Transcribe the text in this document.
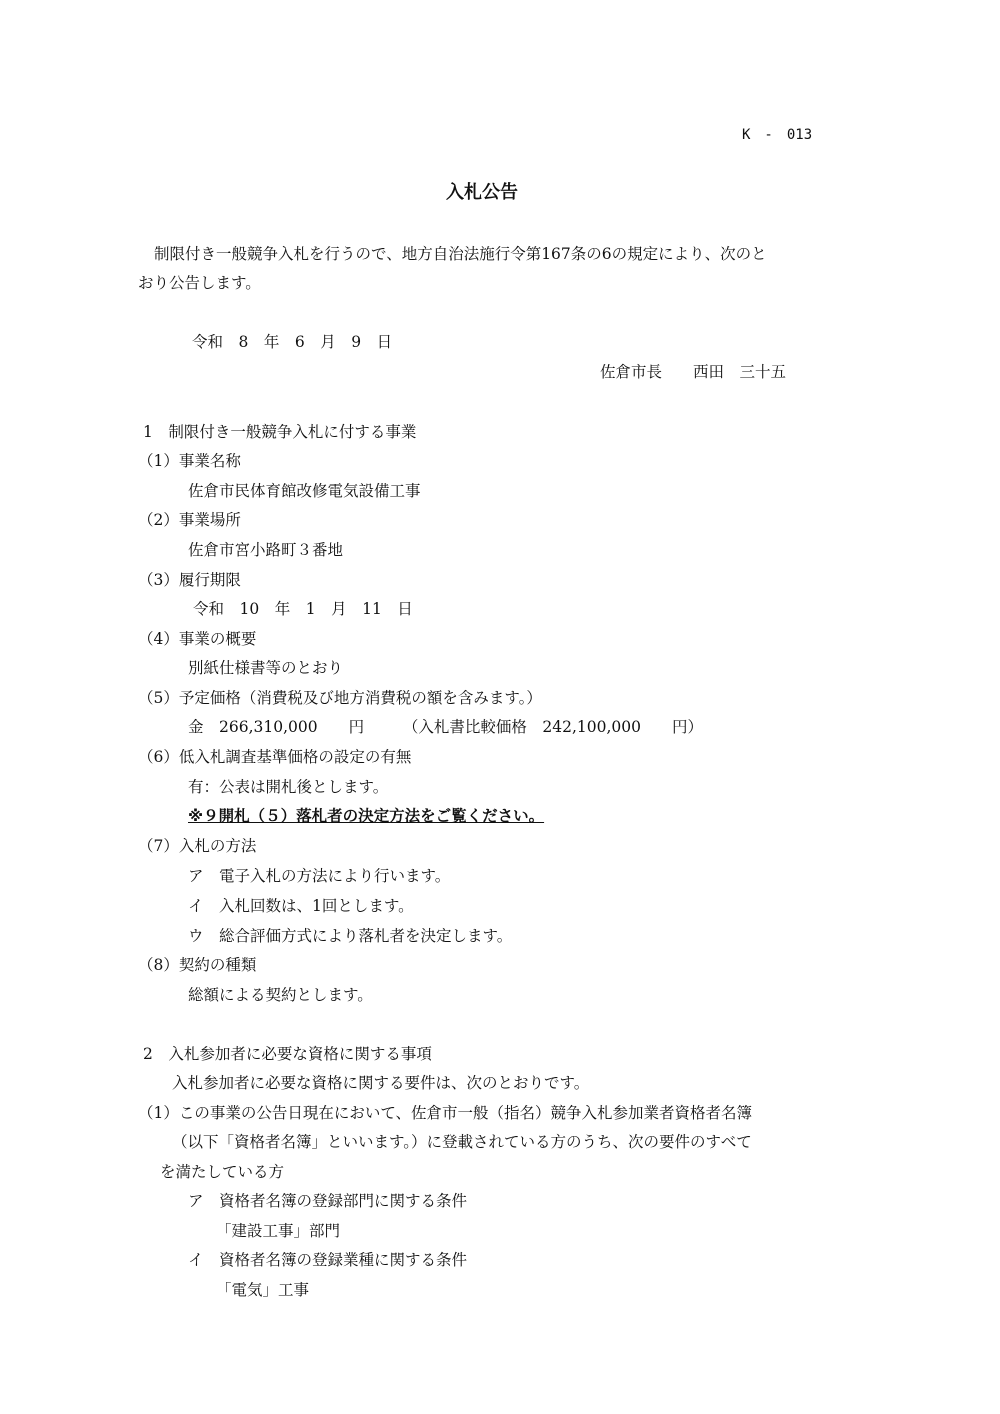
K　-　013
入札公告
制限付き一般競争入札を行うので、地方自治法施行令第167条の6の規定により、次のと
おり公告します。
令和　8　年　6　月　9　日
佐倉市長　　西田　三十五
1　制限付き一般競争入札に付する事業
（1）事業名称
佐倉市民体育館改修電気設備工事
（2）事業場所
佐倉市宮小路町３番地
（3）履行期限
令和　10　年　1　月　11　日
（4）事業の概要
別紙仕様書等のとおり
（5）予定価格（消費税及び地方消費税の額を含みます。）
金　266,310,000　　円　　　（入札書比較価格　242,100,000　　円）
（6）低入札調査基準価格の設定の有無
有：公表は開札後とします。
※９開札（５）落札者の決定方法をご覧ください。
（7）入札の方法
ア　電子入札の方法により行います。
イ　入札回数は、1回とします。
ウ　総合評価方式により落札者を決定します。
（8）契約の種類
総額による契約とします。
2　入札参加者に必要な資格に関する事項
入札参加者に必要な資格に関する要件は、次のとおりです。
（1）この事業の公告日現在において、佐倉市一般（指名）競争入札参加業者資格者名簿
（以下「資格者名簿」といいます。）に登載されている方のうち、次の要件のすべて
を満たしている方
ア　資格者名簿の登録部門に関する条件
「建設工事」部門
イ　資格者名簿の登録業種に関する条件
「電気」工事
